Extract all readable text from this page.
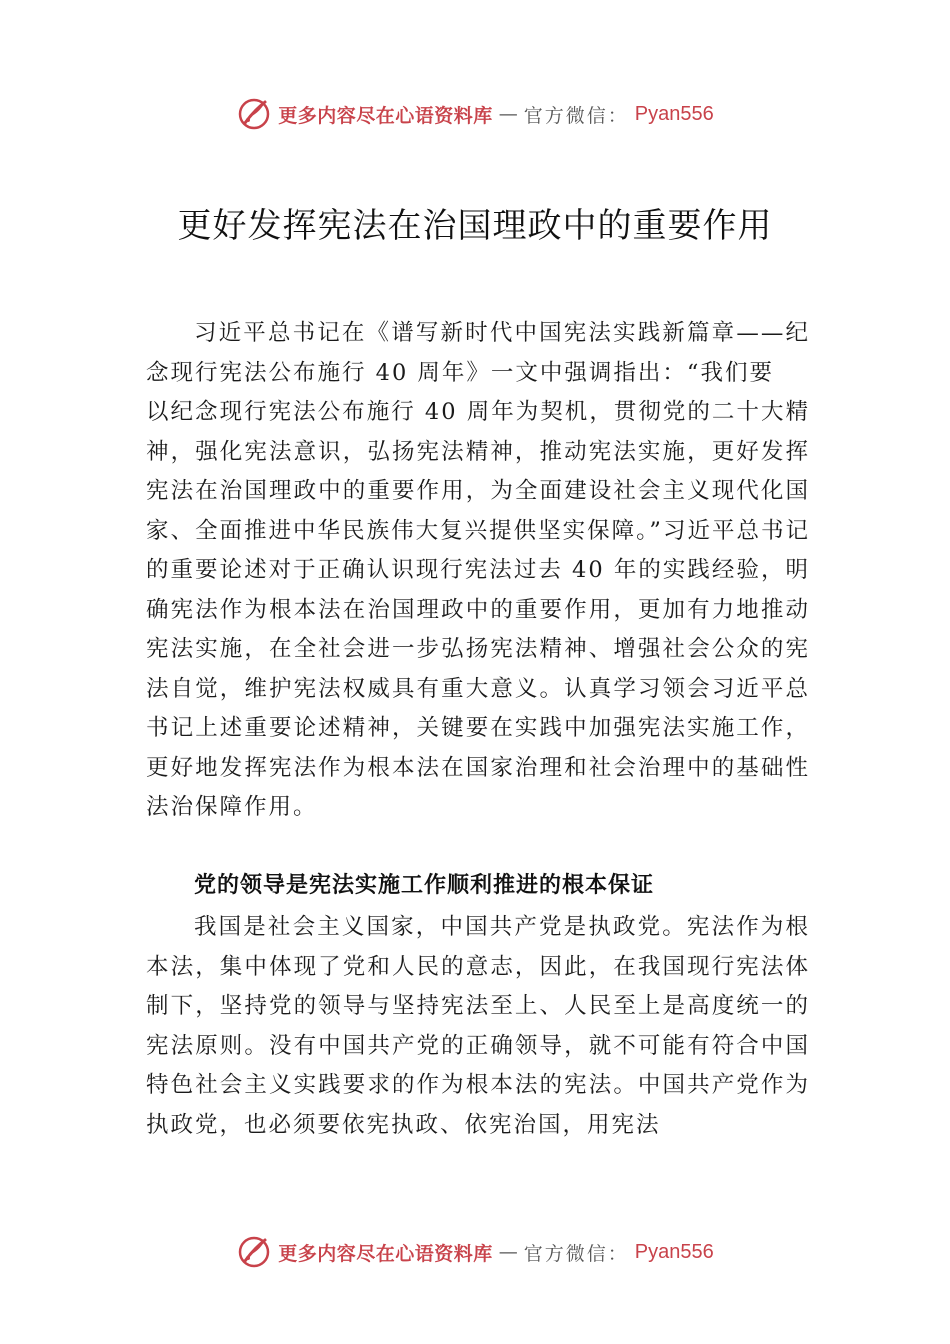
更多内容尽在心语资料库 — 官方微信： Pyan556
更好发挥宪法在治国理政中的重要作用
习近平总书记在《谱写新时代中国宪法实践新篇章——纪念现行宪法公布施行 40 周年》一文中强调指出：“我们要
以纪念现行宪法公布施行 40 周年为契机，贯彻党的二十大精神，强化宪法意识，弘扬宪法精神，推动宪法实施，更好发挥宪法在治国理政中的重要作用，为全面建设社会主义现代化国家、全面推进中华民族伟大复兴提供坚实保障。”习近平总书记的重要论述对于正确认识现行宪法过去 40 年的实践经验，明确宪法作为根本法在治国理政中的重要作用，更加有力地推动宪法实施，在全社会进一步弘扬宪法精神、增强社会公众的宪法自觉，维护宪法权威具有重大意义。认真学习领会习近平总书记上述重要论述精神，关键要在实践中加强宪法实施工作，更好地发挥宪法作为根本法在国家治理和社会治理中的基础性法治保障作用。
党的领导是宪法实施工作顺利推进的根本保证
我国是社会主义国家，中国共产党是执政党。宪法作为根本法，集中体现了党和人民的意志，因此，在我国现行宪法体制下，坚持党的领导与坚持宪法至上、人民至上是高度统一的宪法原则。没有中国共产党的正确领导，就不可能有符合中国特色社会主义实践要求的作为根本法的宪法。中国共产党作为执政党，也必须要依宪执政、依宪治国，用宪法
更多内容尽在心语资料库 — 官方微信： Pyan556
